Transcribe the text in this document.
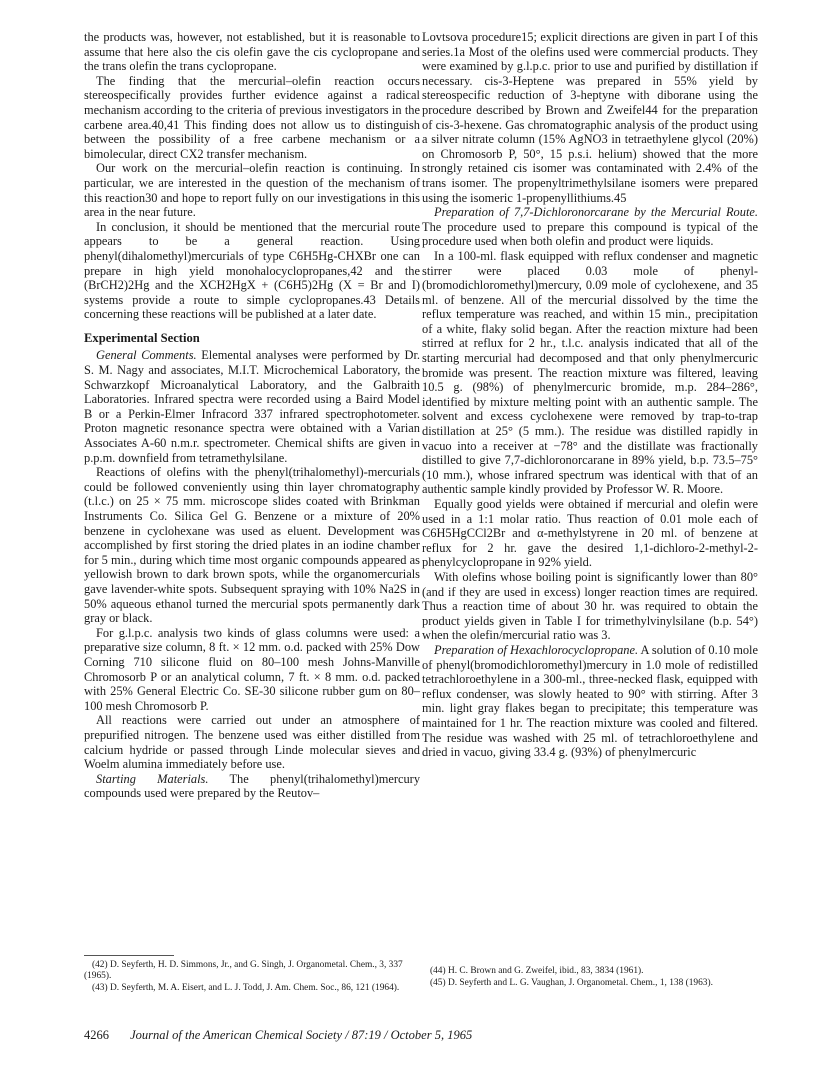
the products was, however, not established, but it is reasonable to assume that here also the cis olefin gave the cis cyclopropane and the trans olefin the trans cyclopropane.

The finding that the mercurial–olefin reaction occurs stereospecifically provides further evidence against a radical mechanism according to the criteria of previous investigators in the carbene area.40,41 This finding does not allow us to distinguish between the possibility of a free carbene mechanism or a bimolecular, direct CX2 transfer mechanism.

Our work on the mercurial–olefin reaction is continuing. In particular, we are interested in the question of the mechanism of this reaction30 and hope to report fully on our investigations in this area in the near future.

In conclusion, it should be mentioned that the mercurial route appears to be a general reaction. Using phenyl(dihalomethyl)mercurials of type C6H5Hg-CHXBr one can prepare in high yield monohalocyclopropanes,42 and the (BrCH2)2Hg and the XCH2HgX + (C6H5)2Hg (X = Br and I) systems provide a route to simple cyclopropanes.43 Details concerning these reactions will be published at a later date.

Experimental Section

General Comments. Elemental analyses were performed by Dr. S. M. Nagy and associates, M.I.T. Microchemical Laboratory, the Schwarzkopf Microanalytical Laboratory, and the Galbraith Laboratories. Infrared spectra were recorded using a Baird Model B or a Perkin-Elmer Infracord 337 infrared spectrophotometer. Proton magnetic resonance spectra were obtained with a Varian Associates A-60 n.m.r. spectrometer. Chemical shifts are given in p.p.m. downfield from tetramethylsilane.

Reactions of olefins with the phenyl(trihalomethyl)-mercurials could be followed conveniently using thin layer chromatography (t.l.c.) on 25 × 75 mm. microscope slides coated with Brinkman Instruments Co. Silica Gel G. Benzene or a mixture of 20% benzene in cyclohexane was used as eluent. Development was accomplished by first storing the dried plates in an iodine chamber for 5 min., during which time most organic compounds appeared as yellowish brown to dark brown spots, while the organomercurials gave lavender-white spots. Subsequent spraying with 10% Na2S in 50% aqueous ethanol turned the mercurial spots permanently dark gray or black.

For g.l.p.c. analysis two kinds of glass columns were used: a preparative size column, 8 ft. × 12 mm. o.d. packed with 25% Dow Corning 710 silicone fluid on 80–100 mesh Johns-Manville Chromosorb P or an analytical column, 7 ft. × 8 mm. o.d. packed with 25% General Electric Co. SE-30 silicone rubber gum on 80–100 mesh Chromosorb P.

All reactions were carried out under an atmosphere of prepurified nitrogen. The benzene used was either distilled from calcium hydride or passed through Linde molecular sieves and Woelm alumina immediately before use.

Starting Materials. The phenyl(trihalomethyl)mercury compounds used were prepared by the Reutov–

Lovtsova procedure15; explicit directions are given in part I of this series.1a Most of the olefins used were commercial products. They were examined by g.l.p.c. prior to use and purified by distillation if necessary. cis-3-Heptene was prepared in 55% yield by stereospecific reduction of 3-heptyne with diborane using the procedure described by Brown and Zweifel44 for the preparation of cis-3-hexene. Gas chromatographic analysis of the product using a silver nitrate column (15% AgNO3 in tetraethylene glycol (20%) on Chromosorb P, 50°, 15 p.s.i. helium) showed that the more strongly retained cis isomer was contaminated with 2.4% of the trans isomer. The propenyltrimethylsilane isomers were prepared using the isomeric 1-propenyllithiums.45

Preparation of 7,7-Dichloronorcarane by the Mercurial Route. The procedure used to prepare this compound is typical of the procedure used when both olefin and product were liquids.

In a 100-ml. flask equipped with reflux condenser and magnetic stirrer were placed 0.03 mole of phenyl-(bromodichloromethyl)mercury, 0.09 mole of cyclohexene, and 35 ml. of benzene. All of the mercurial dissolved by the time the reflux temperature was reached, and within 15 min., precipitation of a white, flaky solid began. After the reaction mixture had been stirred at reflux for 2 hr., t.l.c. analysis indicated that all of the starting mercurial had decomposed and that only phenylmercuric bromide was present. The reaction mixture was filtered, leaving 10.5 g. (98%) of phenylmercuric bromide, m.p. 284–286°, identified by mixture melting point with an authentic sample. The solvent and excess cyclohexene were removed by trap-to-trap distillation at 25° (5 mm.). The residue was distilled rapidly in vacuo into a receiver at −78° and the distillate was fractionally distilled to give 7,7-dichloronorcarane in 89% yield, b.p. 73.5–75° (10 mm.), whose infrared spectrum was identical with that of an authentic sample kindly provided by Professor W. R. Moore.

Equally good yields were obtained if mercurial and olefin were used in a 1:1 molar ratio. Thus reaction of 0.01 mole each of C6H5HgCCl2Br and α-methylstyrene in 20 ml. of benzene at reflux for 2 hr. gave the desired 1,1-dichloro-2-methyl-2-phenylcyclopropane in 92% yield.

With olefins whose boiling point is significantly lower than 80° (and if they are used in excess) longer reaction times are required. Thus a reaction time of about 30 hr. was required to obtain the product yields given in Table I for trimethylvinylsilane (b.p. 54°) when the olefin/mercurial ratio was 3.

Preparation of Hexachlorocyclopropane. A solution of 0.10 mole of phenyl(bromodichloromethyl)mercury in 1.0 mole of redistilled tetrachloroethylene in a 300-ml., three-necked flask, equipped with reflux condenser, was slowly heated to 90° with stirring. After 3 min. light gray flakes began to precipitate; this temperature was maintained for 1 hr. The reaction mixture was cooled and filtered. The residue was washed with 25 ml. of tetrachloroethylene and dried in vacuo, giving 33.4 g. (93%) of phenylmercuric

(42) D. Seyferth, H. D. Simmons, Jr., and G. Singh, J. Organometal. Chem., 3, 337 (1965).

(43) D. Seyferth, M. A. Eisert, and L. J. Todd, J. Am. Chem. Soc., 86, 121 (1964).

(44) H. C. Brown and G. Zweifel, ibid., 83, 3834 (1961).

(45) D. Seyferth and L. G. Vaughan, J. Organometal. Chem., 1, 138 (1963).

4266 Journal of the American Chemical Society / 87:19 / October 5, 1965
